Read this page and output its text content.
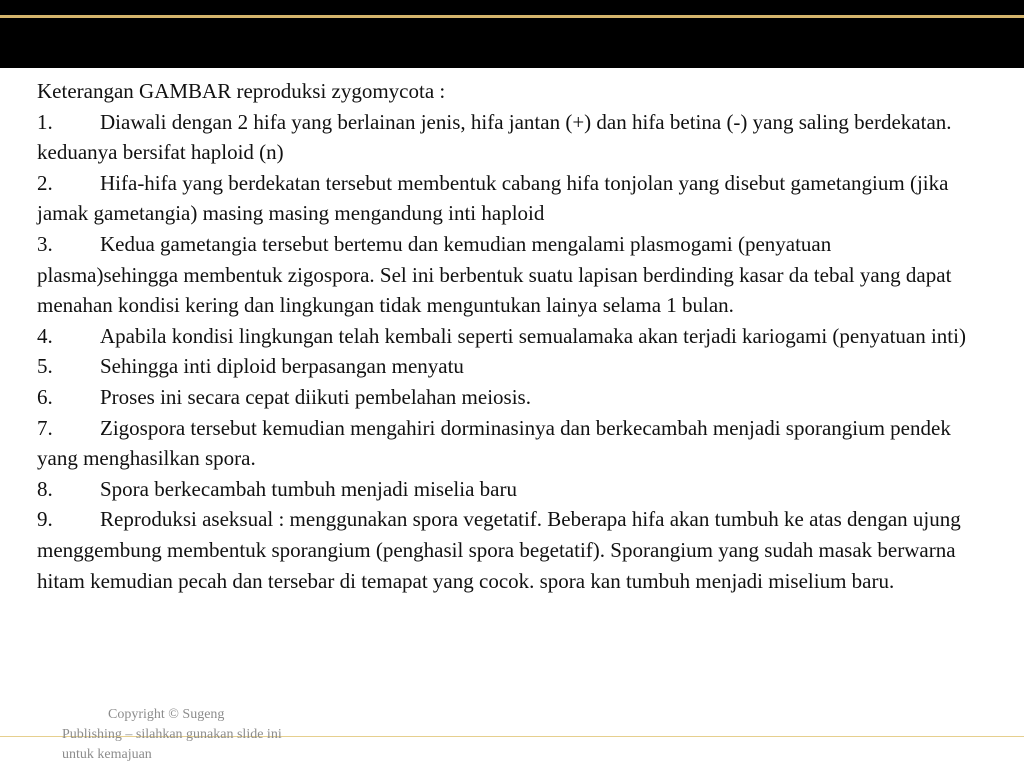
Keterangan GAMBAR reproduksi zygomycota :

1. Diawali dengan 2 hifa yang berlainan jenis, hifa jantan (+) dan hifa betina (-) yang saling berdekatan. keduanya bersifat haploid (n)

2. Hifa-hifa yang berdekatan tersebut membentuk cabang hifa tonjolan yang disebut gametangium (jika jamak gametangia) masing masing mengandung inti haploid

3. Kedua gametangia tersebut bertemu dan kemudian mengalami plasmogami (penyatuan plasma)sehingga membentuk zigospora. Sel ini berbentuk suatu lapisan berdinding kasar da tebal yang dapat menahan kondisi kering dan lingkungan tidak menguntukan lainya selama 1 bulan.

4. Apabila kondisi lingkungan telah kembali seperti semualamaka akan terjadi kariogami (penyatuan inti)

5. Sehingga inti diploid berpasangan menyatu

6. Proses ini secara cepat diikuti pembelahan meiosis.

7. Zigospora tersebut kemudian mengahiri dorminasinya dan berkecambah menjadi sporangium pendek yang menghasilkan spora.

8. Spora berkecambah tumbuh menjadi miselia baru

9. Reproduksi aseksual : menggunakan spora vegetatif. Beberapa hifa akan tumbuh ke atas dengan ujung menggembung membentuk sporangium (penghasil spora begetatif). Sporangium yang sudah masak berwarna hitam kemudian pecah dan tersebar di temapat yang cocok. spora kan tumbuh menjadi miselium baru.

Copyright © Sugeng Publishing – silahkan gunakan slide ini untuk kemajuan
